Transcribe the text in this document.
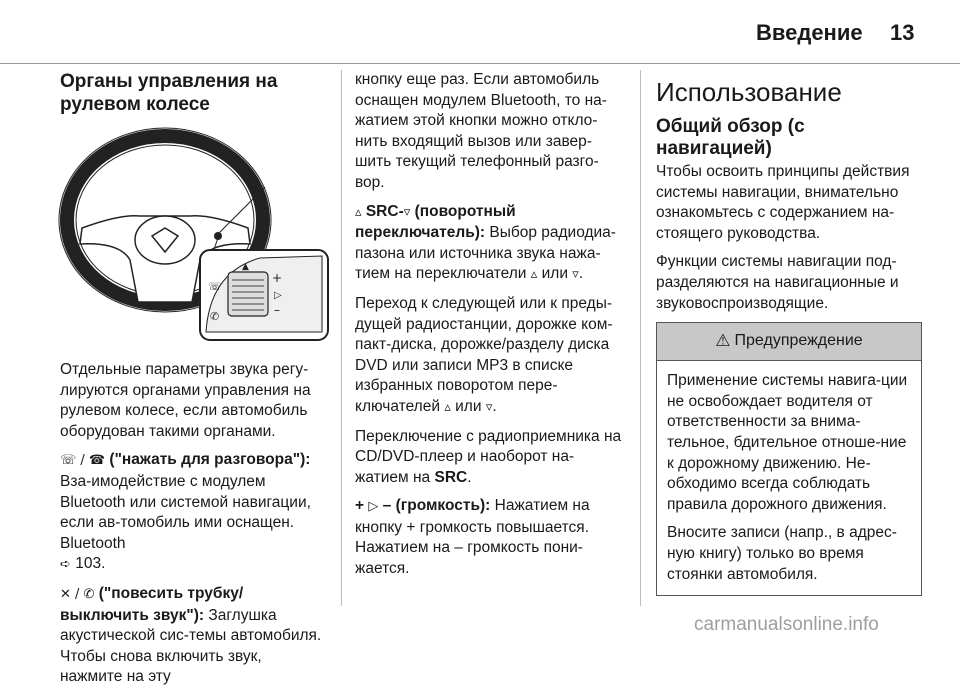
Введение 13
Органы управления на рулевом колесе
☏
✆
▲
+
▷
–

Отдельные параметры звука регу-лируются органами управления на рулевом колесе, если автомобиль оборудован такими органами.

☏ / ☎ ("нажать для разговора"): Вза-имодействие с модулем Bluetooth или системой навигации, если ав-томобиль ими оснащен. Bluetooth
➪ 103.

✕ / ✆ ("повесить трубку/выключить звук"): Заглушка акустической сис-темы автомобиля. Чтобы снова включить звук, нажмите на эту

кнопку еще раз. Если автомобиль оснащен модулем Bluetooth, то на-жатием этой кнопки можно откло-нить входящий вызов или завер-шить текущий телефонный разго-вор.

▵ SRC-▿ (поворотный переключатель): Выбор радиодиа-пазона или источника звука нажа-тием на переключатели ▵ или ▿.

Переход к следующей или к преды-дущей радиостанции, дорожке ком-пакт-диска, дорожке/разделу диска DVD или записи MP3 в списке избранных поворотом пере-ключателей ▵ или ▿.

Переключение с радиоприемника на CD/DVD-плеер и наоборот на-жатием на SRC.

+ ▷ – (громкость): Нажатием на кнопку + громкость повышается. Нажатием на – громкость пони-жается.

Использование
Общий обзор (с навигацией)

Чтобы освоить принципы действия системы навигации, внимательно ознакомьтесь с содержанием на-стоящего руководства.

Функции системы навигации под-разделяются на навигационные и звуковоспроизводящие.

⚠ Предупреждение

Применение системы навига-ции не освобождает водителя от ответственности за внима-тельное, бдительное отноше-ние к дорожному движению. Не-обходимо всегда соблюдать правила дорожного движения.

Вносите записи (напр., в адрес-ную книгу) только во время стоянки автомобиля.

carmanualsonline.info
